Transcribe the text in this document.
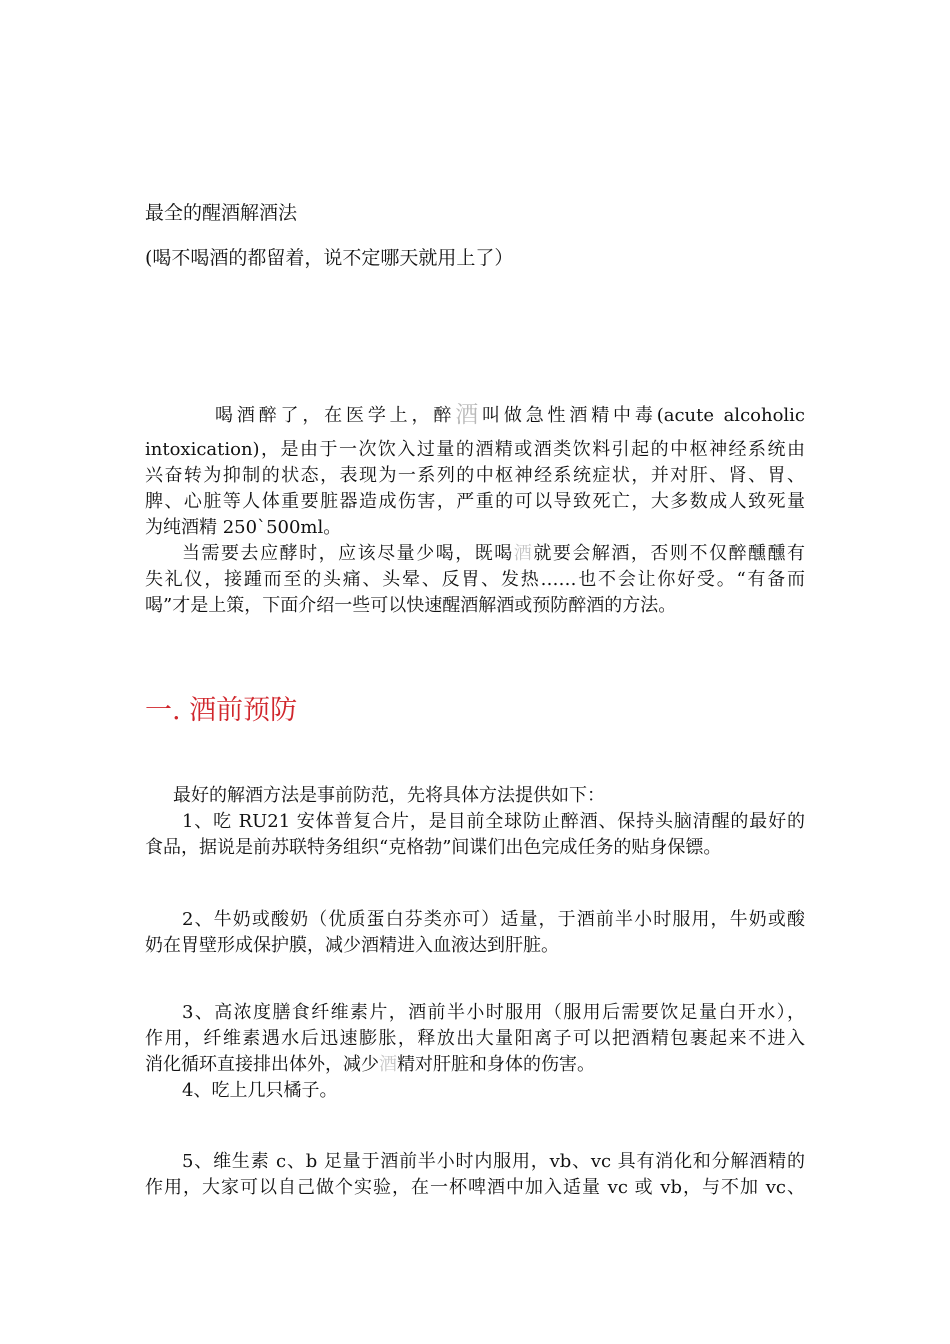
最全的醒酒解酒法
(喝不喝酒的都留着，说不定哪天就用上了）
喝酒醉了，在医学上，醉酒叫做急性酒精中毒(acute alcoholic
intoxication)，是由于一次饮入过量的酒精或酒类饮料引起的中枢神经系统由
兴奋转为抑制的状态，表现为一系列的中枢神经系统症状，并对肝、肾、胃、
脾、心脏等人体重要脏器造成伤害，严重的可以导致死亡，大多数成人致死量
为纯酒精 250`500ml。
当需要去应酵时，应该尽量少喝，既喝酒就要会解酒，否则不仅醉醺醺有
失礼仪，接踵而至的头痛、头晕、反胃、发热……也不会让你好受。“有备而
喝”才是上策，下面介绍一些可以快速醒酒解酒或预防醉酒的方法。
一. 酒前预防
最好的解酒方法是事前防范，先将具体方法提供如下：
1、吃 RU21 安体普复合片，是目前全球防止醉酒、保持头脑清醒的最好的
食品，据说是前苏联特务组织“克格勃”间谍们出色完成任务的贴身保镖。
2、牛奶或酸奶（优质蛋白芬类亦可）适量，于酒前半小时服用，牛奶或酸
奶在胃壁形成保护膜，减少酒精进入血液达到肝脏。
3、高浓度膳食纤维素片，酒前半小时服用（服用后需要饮足量白开水），
作用，纤维素遇水后迅速膨胀，释放出大量阳离子可以把酒精包裹起来不进入
消化循环直接排出体外，减少酒精对肝脏和身体的伤害。
4、吃上几只橘子。
5、维生素 c、b 足量于酒前半小时内服用，vb、vc 具有消化和分解酒精的
作用，大家可以自己做个实验，在一杯啤酒中加入适量 vc 或 vb，与不加 vc、
